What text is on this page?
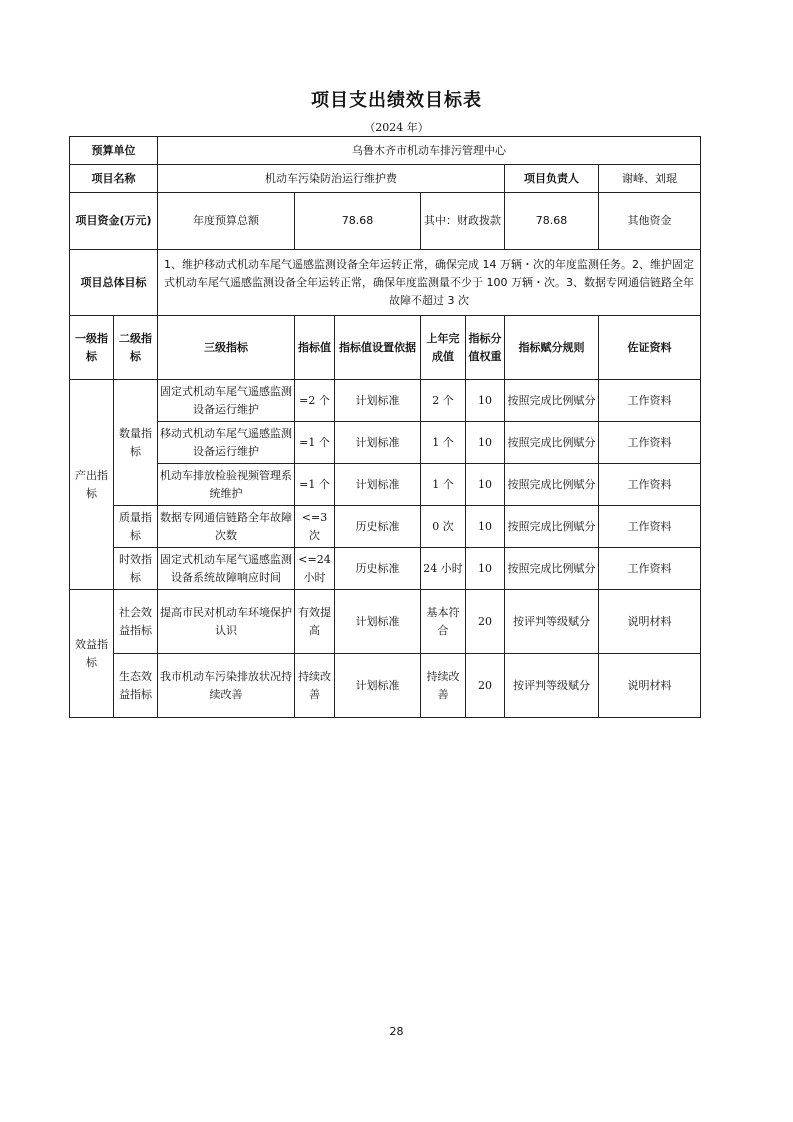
项目支出绩效目标表
（2024 年）
预算单位		乌鲁木齐市机动车排污管理中心							
项目名称		机动车污染防治运行维护费					项目负责人	谢峰、刘琨	
项目资金(万元)		年度预算总额	78.68		其中：财政拨款		78.68	其他资金	
项目总体目标		1、维护移动式机动车尾气遥感监测设备全年运转正常，确保完成 14 万辆・次的年度监测任务。2、维护固定式机动车尾气遥感监测设备全年运转正常，确保年度监测量不少于 100 万辆・次。3、数据专网通信链路全年故障不超过 3 次							
一级指标	二级指标	三级指标	指标值	指标值设置依据	上年完成值	指标分值权重	指标赋分规则	佐证资料	
产出指标	数量指标	固定式机动车尾气遥感监测设备运行维护	=2 个	计划标准	2 个	10	按照完成比例赋分	工作资料	
		移动式机动车尾气遥感监测设备运行维护	=1 个	计划标准	1 个	10	按照完成比例赋分	工作资料	
		机动车排放检验视频管理系统维护	=1 个	计划标准	1 个	10	按照完成比例赋分	工作资料	
	质量指标	数据专网通信链路全年故障次数	<=3 次	历史标准	0 次	10	按照完成比例赋分	工作资料	
	时效指标	固定式机动车尾气遥感监测设备系统故障响应时间	<=24 小时	历史标准	24 小时	10	按照完成比例赋分	工作资料	
效益指标	社会效益指标	提高市民对机动车环境保护认识	有效提高	计划标准	基本符合	20	按评判等级赋分	说明材料	
	生态效益指标	我市机动车污染排放状况持续改善	持续改善	计划标准	持续改善	20	按评判等级赋分	说明材料	
28
